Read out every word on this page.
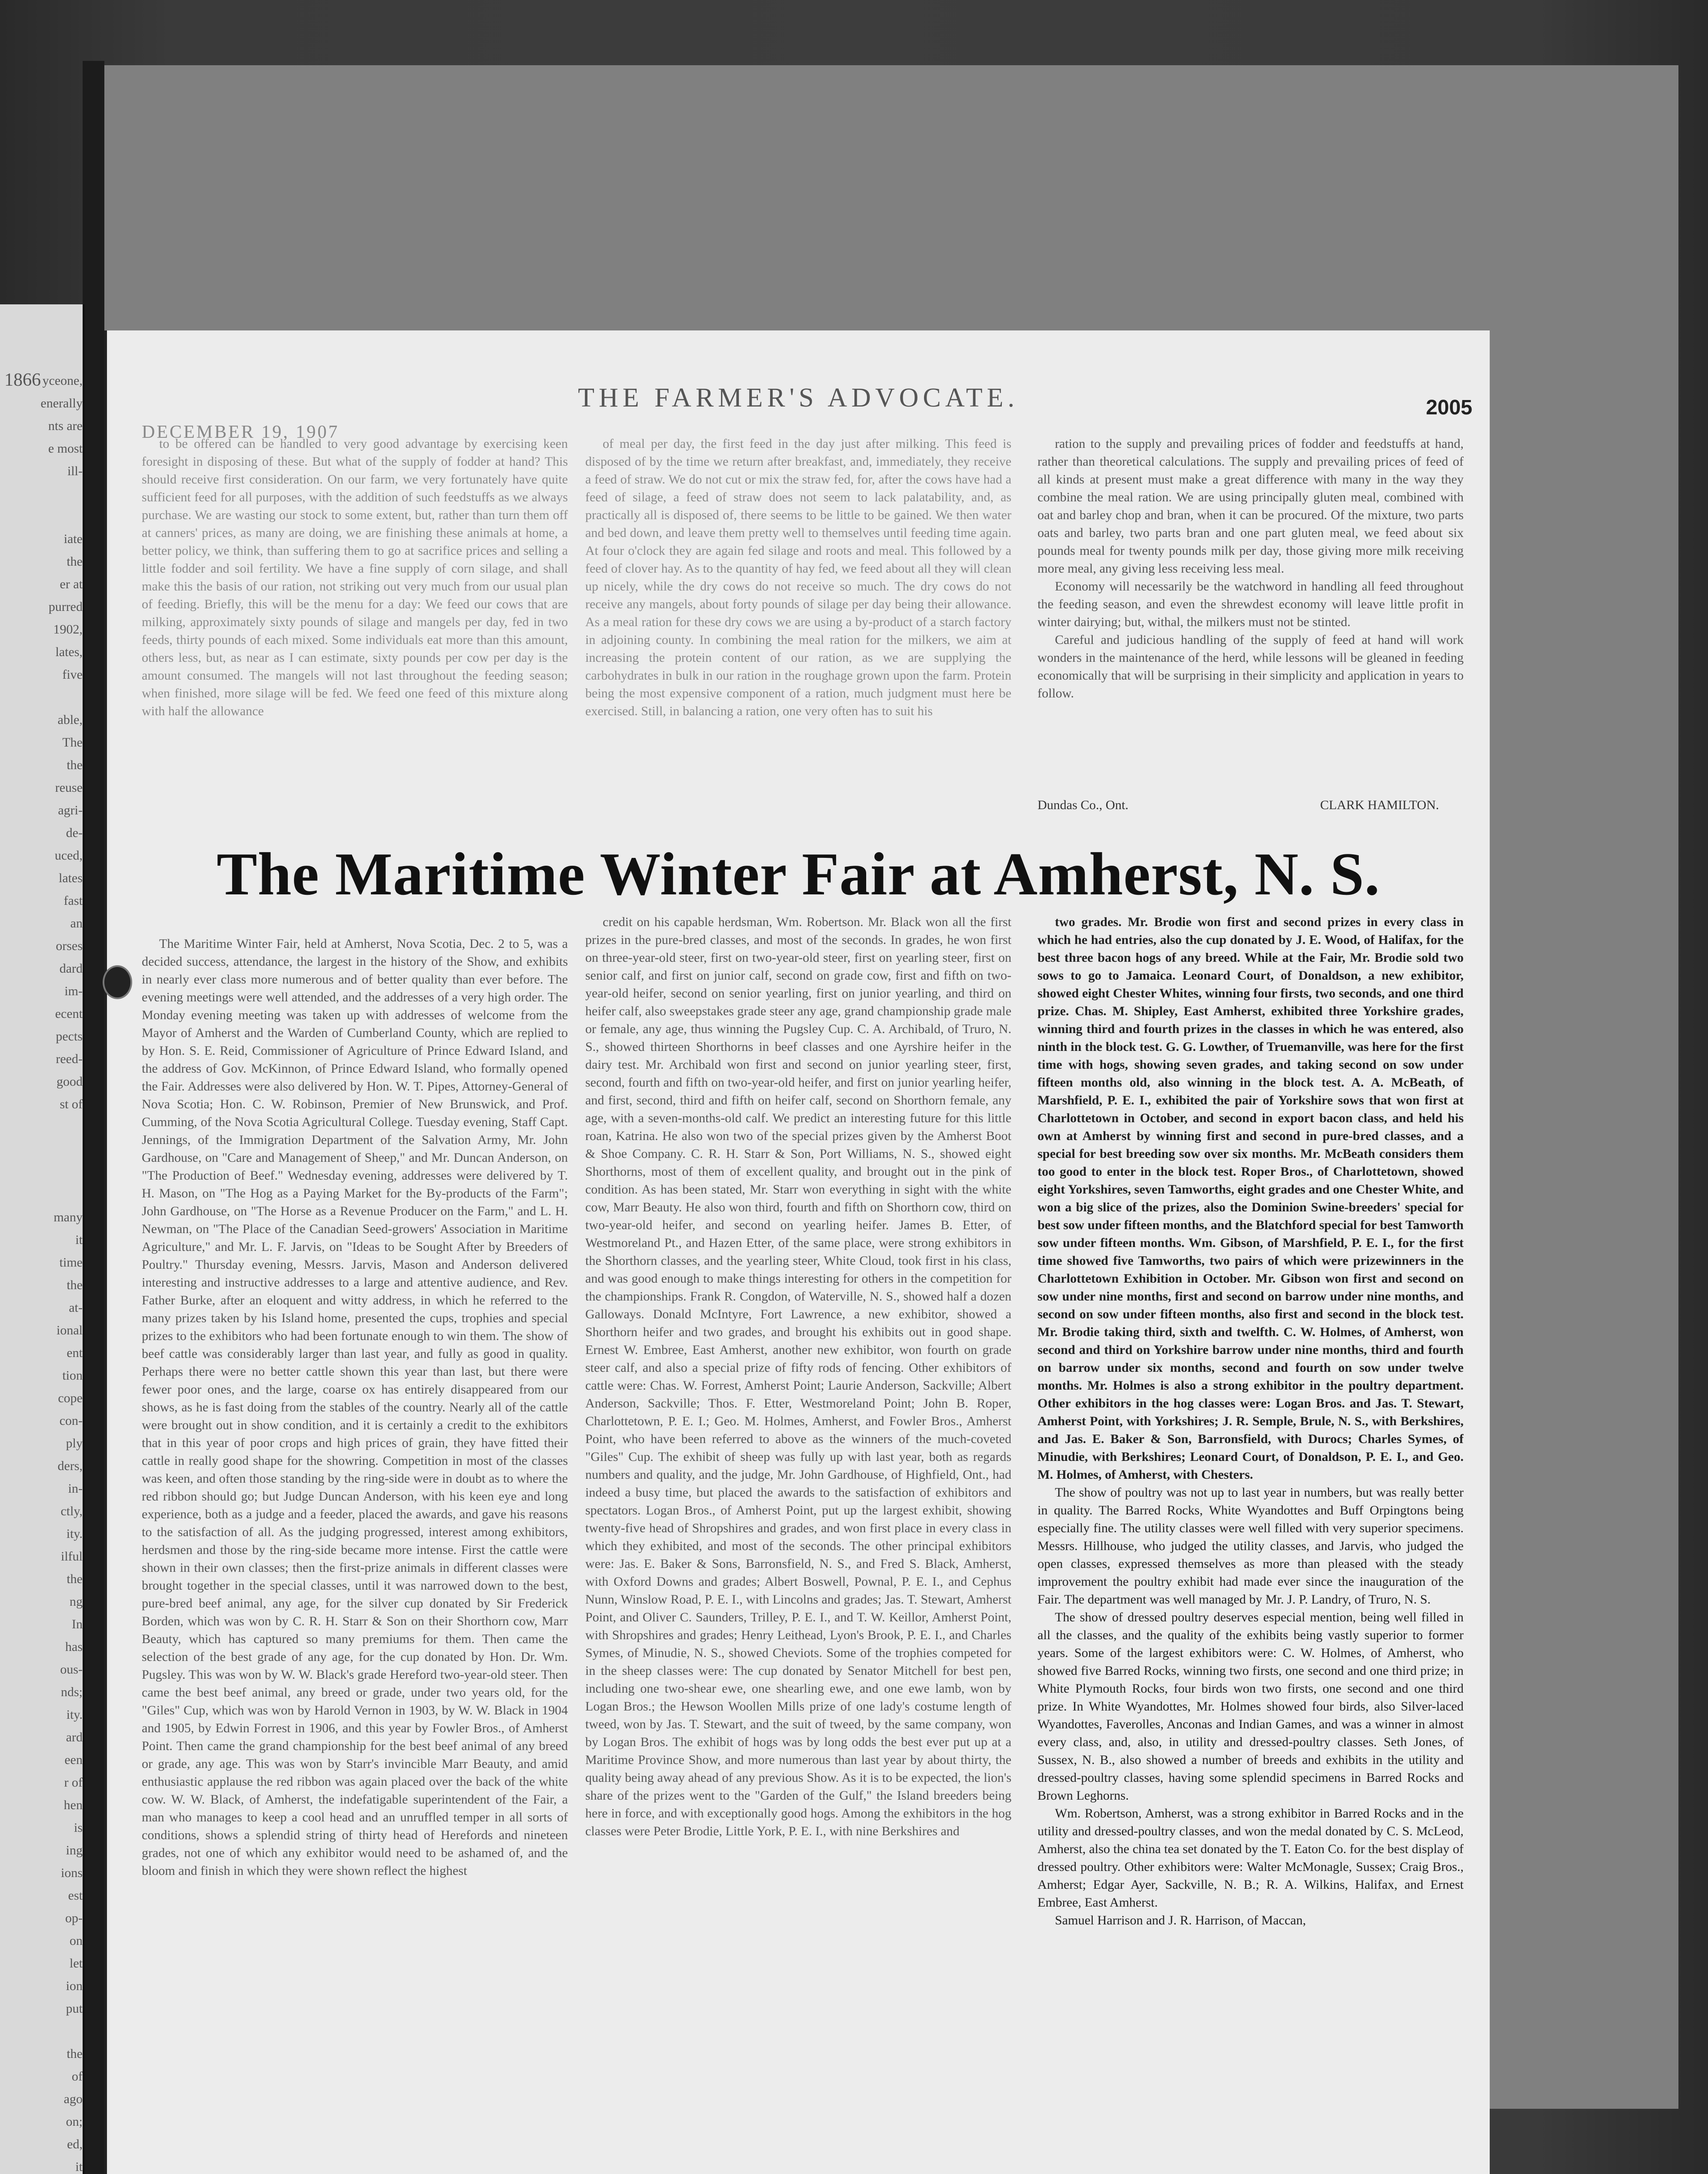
1866 yceone,
enerally
nts are
e most
ill-

iate
the
er at
purred
1902,
lates,
five

able,
The
the
reuse
agri-
de-
uced,
lates
fast
an
orses
dard
im-
ecent
pects
reed-
good
st of

many
it
time
the
at-
ional
ent
tion
cope
con-
ply
ders,
in-
ctly,
ity.
ilful
the
ng
In
has
ous-
nds;
ity.
ard
een
r of
hen
is
ing
ions
est
op-
on
let
ion
put

the
of
ago
on;
ed,
it
DECEMBER 19, 1907
THE FARMER'S ADVOCATE.	2005

to be offered can be handled to very good advantage by exercising keen foresight in disposing of these. But what of the supply of fodder at hand? This should receive first consideration. On our farm, we very fortunately have quite sufficient feed for all purposes, with the addition of such feedstuffs as we always purchase. We are wasting our stock to some extent, but, rather than turn them off at canners' prices, as many are doing, we are finishing these animals at home, a better policy, we think, than suffering them to go at sacrifice prices and selling a little fodder and soil fertility. We have a fine supply of corn silage, and shall make this the basis of our ration, not striking out very much from our usual plan of feeding. Briefly, this will be the menu for a day: We feed our cows that are milking, approximately sixty pounds of silage and mangels per day, fed in two feeds, thirty pounds of each mixed. Some individuals eat more than this amount, others less, but, as near as I can estimate, sixty pounds per cow per day is the amount consumed. The mangels will not last throughout the feeding season; when finished, more silage will be fed. We feed one feed of this mixture along with half the allowance

of meal per day, the first feed in the day just after milking. This feed is disposed of by the time we return after breakfast, and, immediately, they receive a feed of straw. We do not cut or mix the straw fed, for, after the cows have had a feed of silage, a feed of straw does not seem to lack palatability, and, as practically all is disposed of, there seems to be little to be gained. We then water and bed down, and leave them pretty well to themselves until feeding time again. At four o'clock they are again fed silage and roots and meal. This followed by a feed of clover hay. As to the quantity of hay fed, we feed about all they will clean up nicely, while the dry cows do not receive so much. The dry cows do not receive any mangels, about forty pounds of silage per day being their allowance. As a meal ration for these dry cows we are using a by-product of a starch factory in adjoining county. In combining the meal ration for the milkers, we aim at increasing the protein content of our ration, as we are supplying the carbohydrates in bulk in our ration in the roughage grown upon the farm. Protein being the most expensive component of a ration, much judgment must here be exercised. Still, in balancing a ration, one very often has to suit his

ration to the supply and prevailing prices of fodder and feedstuffs at hand, rather than theoretical calculations. The supply and prevailing prices of feed of all kinds at present must make a great difference with many in the way they combine the meal ration. We are using principally gluten meal, combined with oat and barley chop and bran, when it can be procured. Of the mixture, two parts oats and barley, two parts bran and one part gluten meal, we feed about six pounds meal for twenty pounds milk per day, those giving more milk receiving more meal, any giving less receiving less meal.

Economy will necessarily be the watchword in handling all feed throughout the feeding season, and even the shrewdest economy will leave little profit in winter dairying; but, withal, the milkers must not be stinted.

Careful and judicious handling of the supply of feed at hand will work wonders in the maintenance of the herd, while lessons will be gleaned in feeding economically that will be surprising in their simplicity and application in years to follow.

Dundas Co., Ont.	CLARK HAMILTON.
The Maritime Winter Fair at Amherst, N. S.

The Maritime Winter Fair, held at Amherst, Nova Scotia, Dec. 2 to 5, was a decided success, attendance, the largest in the history of the Show, and exhibits in nearly ever class more numerous and of better quality than ever before. The evening meetings were well attended, and the addresses of a very high order. The Monday evening meeting was taken up with addresses of welcome from the Mayor of Amherst and the Warden of Cumberland County, which are replied to by Hon. S. E. Reid, Commissioner of Agriculture of Prince Edward Island, and the address of Gov. McKinnon, of Prince Edward Island, who formally opened the Fair. Addresses were also delivered by Hon. W. T. Pipes, Attorney-General of Nova Scotia; Hon. C. W. Robinson, Premier of New Brunswick, and Prof. Cumming, of the Nova Scotia Agricultural College. Tuesday evening, Staff Capt. Jennings, of the Immigration Department of the Salvation Army, Mr. John Gardhouse, on "Care and Management of Sheep," and Mr. Duncan Anderson, on "The Production of Beef." Wednesday evening, addresses were delivered by T. H. Mason, on "The Hog as a Paying Market for the By-products of the Farm"; John Gardhouse, on "The Horse as a Revenue Producer on the Farm," and L. H. Newman, on "The Place of the Canadian Seed-growers' Association in Maritime Agriculture," and Mr. L. F. Jarvis, on "Ideas to be Sought After by Breeders of Poultry." Thursday evening, Messrs. Jarvis, Mason and Anderson delivered interesting and instructive addresses to a large and attentive audience, and Rev. Father Burke, after an eloquent and witty address, in which he referred to the many prizes taken by his Island home, presented the cups, trophies and special prizes to the exhibitors who had been fortunate enough to win them. The show of beef cattle was considerably larger than last year, and fully as good in quality. Perhaps there were no better cattle shown this year than last, but there were fewer poor ones, and the large, coarse ox has entirely disappeared from our shows, as he is fast doing from the stables of the country. Nearly all of the cattle were brought out in show condition, and it is certainly a credit to the exhibitors that in this year of poor crops and high prices of grain, they have fitted their cattle in really good shape for the showring. Competition in most of the classes was keen, and often those standing by the ring-side were in doubt as to where the red ribbon should go; but Judge Duncan Anderson, with his keen eye and long experience, both as a judge and a feeder, placed the awards, and gave his reasons to the satisfaction of all. As the judging progressed, interest among exhibitors, herdsmen and those by the ring-side became more intense. First the cattle were shown in their own classes; then the first-prize animals in different classes were brought together in the special classes, until it was narrowed down to the best, pure-bred beef animal, any age, for the silver cup donated by Sir Frederick Borden, which was won by C. R. H. Starr & Son on their Shorthorn cow, Marr Beauty, which has captured so many premiums for them. Then came the selection of the best grade of any age, for the cup donated by Hon. Dr. Wm. Pugsley. This was won by W. W. Black's grade Hereford two-year-old steer. Then came the best beef animal, any breed or grade, under two years old, for the "Giles" Cup, which was won by Harold Vernon in 1903, by W. W. Black in 1904 and 1905, by Edwin Forrest in 1906, and this year by Fowler Bros., of Amherst Point. Then came the grand championship for the best beef animal of any breed or grade, any age. This was won by Starr's invincible Marr Beauty, and amid enthusiastic applause the red ribbon was again placed over the back of the white cow. W. W. Black, of Amherst, the indefatigable superintendent of the Fair, a man who manages to keep a cool head and an unruffled temper in all sorts of conditions, shows a splendid string of thirty head of Herefords and nineteen grades, not one of which any exhibitor would need to be ashamed of, and the bloom and finish in which they were shown reflect the highest

credit on his capable herdsman, Wm. Robertson. Mr. Black won all the first prizes in the pure-bred classes, and most of the seconds. In grades, he won first on three-year-old steer, first on two-year-old steer, first on yearling steer, first on senior calf, and first on junior calf, second on grade cow, first and fifth on two-year-old heifer, second on senior yearling, first on junior yearling, and third on heifer calf, also sweepstakes grade steer any age, grand championship grade male or female, any age, thus winning the Pugsley Cup. C. A. Archibald, of Truro, N. S., showed thirteen Shorthorns in beef classes and one Ayrshire heifer in the dairy test. Mr. Archibald won first and second on junior yearling steer, first, second, fourth and fifth on two-year-old heifer, and first on junior yearling heifer, and first, second, third and fifth on heifer calf, second on Shorthorn female, any age, with a seven-months-old calf. We predict an interesting future for this little roan, Katrina. He also won two of the special prizes given by the Amherst Boot & Shoe Company. C. R. H. Starr & Son, Port Williams, N. S., showed eight Shorthorns, most of them of excellent quality, and brought out in the pink of condition. As has been stated, Mr. Starr won everything in sight with the white cow, Marr Beauty. He also won third, fourth and fifth on Shorthorn cow, third on two-year-old heifer, and second on yearling heifer. James B. Etter, of Westmoreland Pt., and Hazen Etter, of the same place, were strong exhibitors in the Shorthorn classes, and the yearling steer, White Cloud, took first in his class, and was good enough to make things interesting for others in the competition for the championships. Frank R. Congdon, of Waterville, N. S., showed half a dozen Galloways. Donald McIntyre, Fort Lawrence, a new exhibitor, showed a Shorthorn heifer and two grades, and brought his exhibits out in good shape. Ernest W. Embree, East Amherst, another new exhibitor, won fourth on grade steer calf, and also a special prize of fifty rods of fencing. Other exhibitors of cattle were: Chas. W. Forrest, Amherst Point; Laurie Anderson, Sackville; Albert Anderson, Sackville; Thos. F. Etter, Westmoreland Point; John B. Roper, Charlottetown, P. E. I.; Geo. M. Holmes, Amherst, and Fowler Bros., Amherst Point, who have been referred to above as the winners of the much-coveted "Giles" Cup. The exhibit of sheep was fully up with last year, both as regards numbers and quality, and the judge, Mr. John Gardhouse, of Highfield, Ont., had indeed a busy time, but placed the awards to the satisfaction of exhibitors and spectators. Logan Bros., of Amherst Point, put up the largest exhibit, showing twenty-five head of Shropshires and grades, and won first place in every class in which they exhibited, and most of the seconds. The other principal exhibitors were: Jas. E. Baker & Sons, Barronsfield, N. S., and Fred S. Black, Amherst, with Oxford Downs and grades; Albert Boswell, Pownal, P. E. I., and Cephus Nunn, Winslow Road, P. E. I., with Lincolns and grades; Jas. T. Stewart, Amherst Point, and Oliver C. Saunders, Trilley, P. E. I., and T. W. Keillor, Amherst Point, with Shropshires and grades; Henry Leithead, Lyon's Brook, P. E. I., and Charles Symes, of Minudie, N. S., showed Cheviots. Some of the trophies competed for in the sheep classes were: The cup donated by Senator Mitchell for best pen, including one two-shear ewe, one shearling ewe, and one ewe lamb, won by Logan Bros.; the Hewson Woollen Mills prize of one lady's costume length of tweed, won by Jas. T. Stewart, and the suit of tweed, by the same company, won by Logan Bros. The exhibit of hogs was by long odds the best ever put up at a Maritime Province Show, and more numerous than last year by about thirty, the quality being away ahead of any previous Show. As it is to be expected, the lion's share of the prizes went to the "Garden of the Gulf," the Island breeders being here in force, and with exceptionally good hogs. Among the exhibitors in the hog classes were Peter Brodie, Little York, P. E. I., with nine Berkshires and

two grades. Mr. Brodie won first and second prizes in every class in which he had entries, also the cup donated by J. E. Wood, of Halifax, for the best three bacon hogs of any breed. While at the Fair, Mr. Brodie sold two sows to go to Jamaica. Leonard Court, of Donaldson, a new exhibitor, showed eight Chester Whites, winning four firsts, two seconds, and one third prize. Chas. M. Shipley, East Amherst, exhibited three Yorkshire grades, winning third and fourth prizes in the classes in which he was entered, also ninth in the block test. G. G. Lowther, of Truemanville, was here for the first time with hogs, showing seven grades, and taking second on sow under fifteen months old, also winning in the block test. A. A. McBeath, of Marshfield, P. E. I., exhibited the pair of Yorkshire sows that won first at Charlottetown in October, and second in export bacon class, and held his own at Amherst by winning first and second in pure-bred classes, and a special for best breeding sow over six months. Mr. McBeath considers them too good to enter in the block test. Roper Bros., of Charlottetown, showed eight Yorkshires, seven Tamworths, eight grades and one Chester White, and won a big slice of the prizes, also the Dominion Swine-breeders' special for best sow under fifteen months, and the Blatchford special for best Tamworth sow under fifteen months. Wm. Gibson, of Marshfield, P. E. I., for the first time showed five Tamworths, two pairs of which were prizewinners in the Charlottetown Exhibition in October. Mr. Gibson won first and second on sow under nine months, first and second on barrow under nine months, and second on sow under fifteen months, also first and second in the block test. Mr. Brodie taking third, sixth and twelfth. C. W. Holmes, of Amherst, won second and third on Yorkshire barrow under nine months, third and fourth on barrow under six months, second and fourth on sow under twelve months. Mr. Holmes is also a strong exhibitor in the poultry department. Other exhibitors in the hog classes were: Logan Bros. and Jas. T. Stewart, Amherst Point, with Yorkshires; J. R. Semple, Brule, N. S., with Berkshires, and Jas. E. Baker & Son, Barronsfield, with Durocs; Charles Symes, of Minudie, with Berkshires; Leonard Court, of Donaldson, P. E. I., and Geo. M. Holmes, of Amherst, with Chesters.

The show of poultry was not up to last year in numbers, but was really better in quality. The Barred Rocks, White Wyandottes and Buff Orpingtons being especially fine. The utility classes were well filled with very superior specimens. Messrs. Hillhouse, who judged the utility classes, and Jarvis, who judged the open classes, expressed themselves as more than pleased with the steady improvement the poultry exhibit had made ever since the inauguration of the Fair. The department was well managed by Mr. J. P. Landry, of Truro, N. S.

The show of dressed poultry deserves especial mention, being well filled in all the classes, and the quality of the exhibits being vastly superior to former years. Some of the largest exhibitors were: C. W. Holmes, of Amherst, who showed five Barred Rocks, winning two firsts, one second and one third prize; in White Plymouth Rocks, four birds won two firsts, one second and one third prize. In White Wyandottes, Mr. Holmes showed four birds, also Silver-laced Wyandottes, Faverolles, Anconas and Indian Games, and was a winner in almost every class, and, also, in utility and dressed-poultry classes. Seth Jones, of Sussex, N. B., also showed a number of breeds and exhibits in the utility and dressed-poultry classes, having some splendid specimens in Barred Rocks and Brown Leghorns.

Wm. Robertson, Amherst, was a strong exhibitor in Barred Rocks and in the utility and dressed-poultry classes, and won the medal donated by C. S. McLeod, Amherst, also the china tea set donated by the T. Eaton Co. for the best display of dressed poultry. Other exhibitors were: Walter McMonagle, Sussex; Craig Bros., Amherst; Edgar Ayer, Sackville, N. B.; R. A. Wilkins, Halifax, and Ernest Embree, East Amherst.

Samuel Harrison and J. R. Harrison, of Maccan,
